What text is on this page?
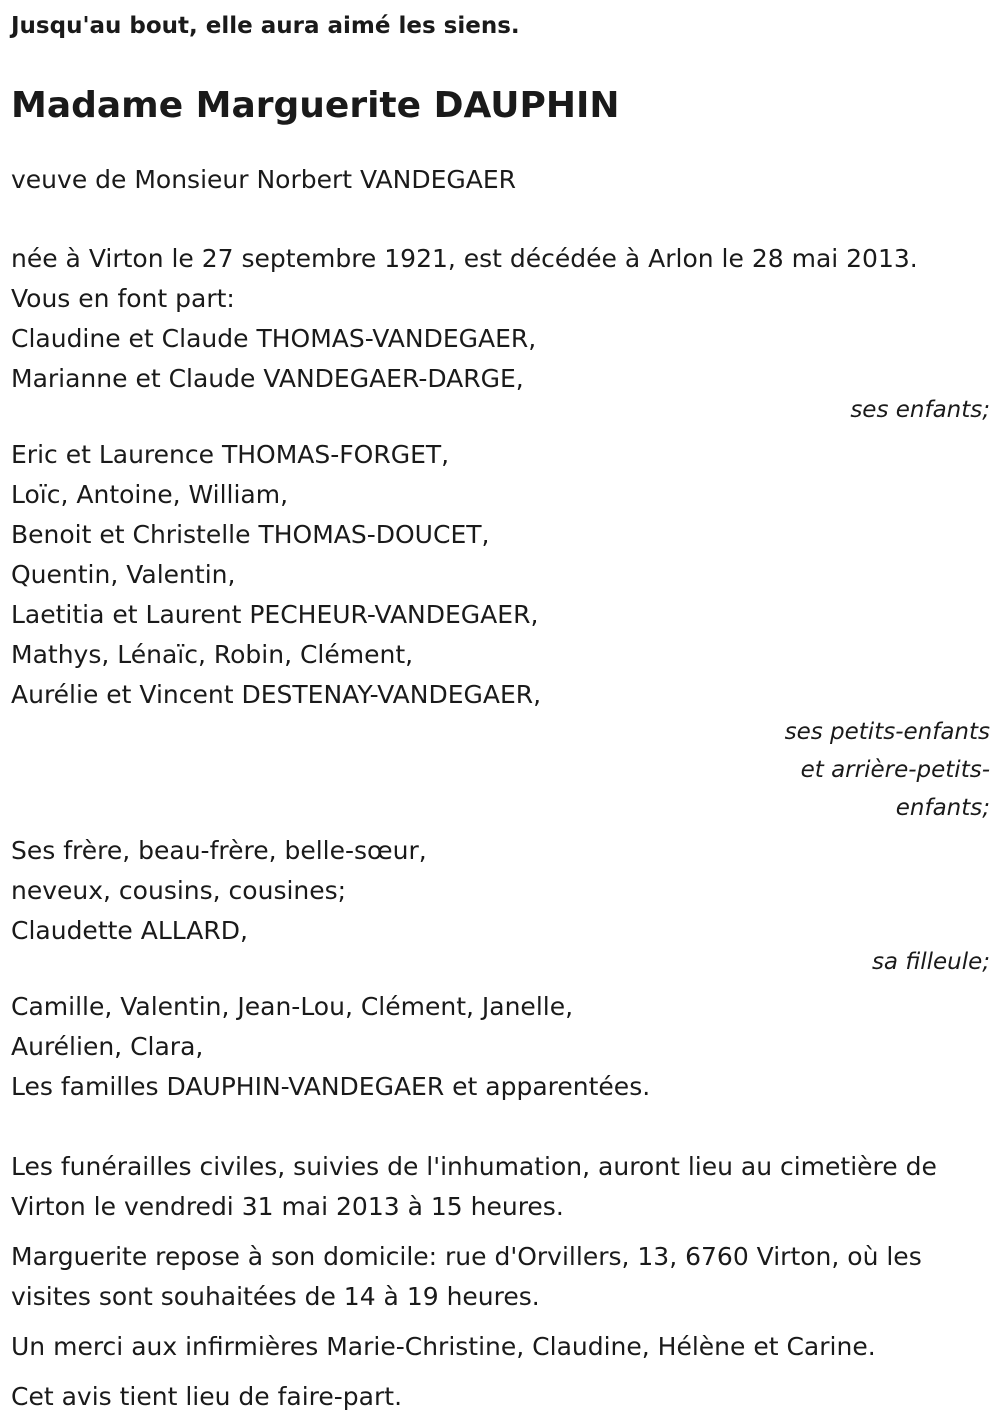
Jusqu'au bout, elle aura aimé les siens.

Madame Marguerite DAUPHIN

veuve de Monsieur Norbert VANDEGAER

née à Virton le 27 septembre 1921, est décédée à Arlon le 28 mai 2013.

Vous en font part:

Claudine et Claude THOMAS-VANDEGAER,

Marianne et Claude VANDEGAER-DARGE,

ses enfants;

Eric et Laurence THOMAS-FORGET,

Loïc, Antoine, William,

Benoit et Christelle THOMAS-DOUCET,

Quentin, Valentin,

Laetitia et Laurent PECHEUR-VANDEGAER,

Mathys, Lénaïc, Robin, Clément,

Aurélie et Vincent DESTENAY-VANDEGAER,

ses petits-enfants

et arrière-petits-

enfants;

Ses frère, beau-frère, belle-sœur,

neveux, cousins, cousines;

Claudette ALLARD,

sa filleule;

Camille, Valentin, Jean-Lou, Clément, Janelle,

Aurélien, Clara,

Les familles DAUPHIN-VANDEGAER et apparentées.

Les funérailles civiles, suivies de l'inhumation, auront lieu au cimetière de Virton le vendredi 31 mai 2013 à 15 heures.

Marguerite repose à son domicile: rue d'Orvillers, 13, 6760 Virton, où les visites sont souhaitées de 14 à 19 heures.

Un merci aux infirmières Marie-Christine, Claudine, Hélène et Carine.

Cet avis tient lieu de faire-part.
